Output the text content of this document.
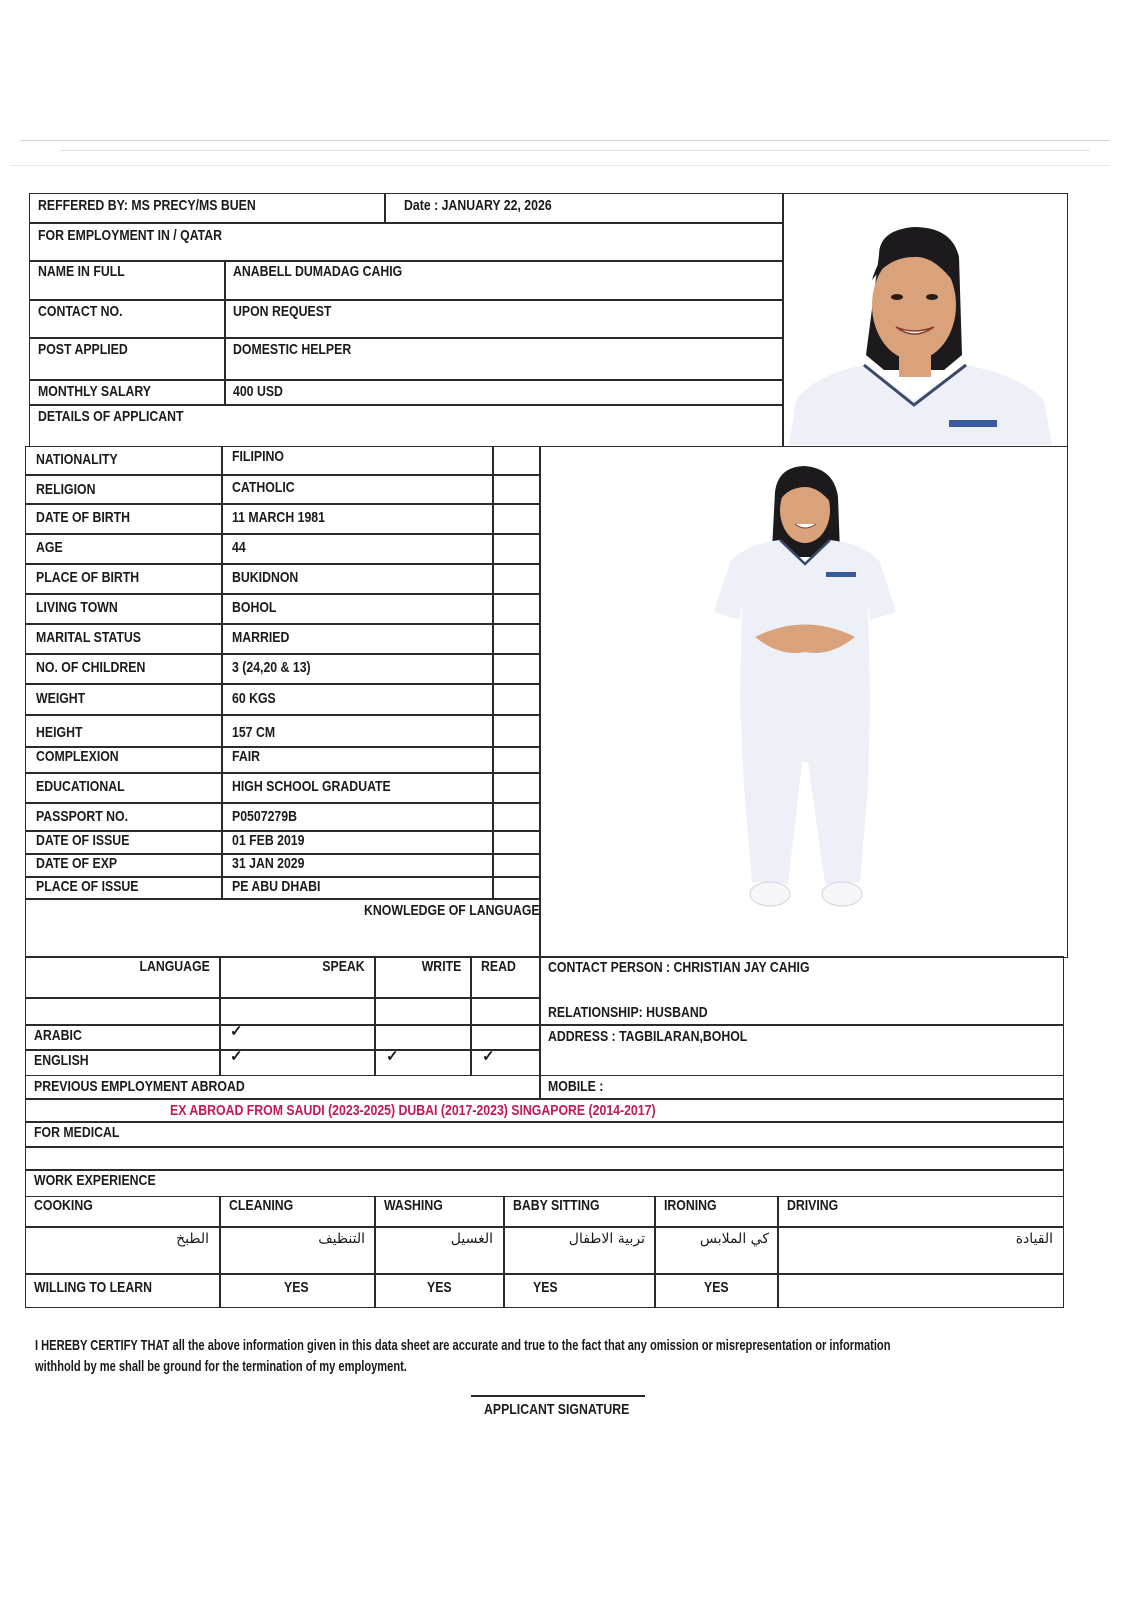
REFFERED BY: MS PRECY/MS BUEN	Date : JANUARY 22, 2026
FOR EMPLOYMENT IN / QATAR
NAME IN FULL	ANABELL DUMADAG CAHIG
CONTACT NO.	UPON REQUEST
POST APPLIED	DOMESTIC HELPER
MONTHLY SALARY	400 USD
DETAILS OF APPLICANT
NATIONALITY	FILIPINO
RELIGION	CATHOLIC
DATE OF BIRTH	11 MARCH 1981
AGE	44
PLACE OF BIRTH	BUKIDNON
LIVING TOWN	BOHOL
MARITAL STATUS	MARRIED
NO. OF CHILDREN	3 (24,20 & 13)
WEIGHT	60 KGS
HEIGHT	157 CM
COMPLEXION	FAIR
EDUCATIONAL	HIGH SCHOOL GRADUATE
PASSPORT NO.	P0507279B
DATE OF ISSUE	01 FEB 2019
DATE OF EXP	31 JAN 2029
PLACE OF ISSUE	PE ABU DHABI
KNOWLEDGE OF LANGUAGE
LANGUAGE	SPEAK	WRITE READ
ARABIC	✓
ENGLISH	✓	✓	✓
CONTACT PERSON : CHRISTIAN JAY CAHIG
RELATIONSHIP: HUSBAND
ADDRESS : TAGBILARAN,BOHOL
MOBILE :
PREVIOUS EMPLOYMENT ABROAD
EX ABROAD FROM SAUDI (2023-2025) DUBAI (2017-2023) SINGAPORE (2014-2017)
FOR MEDICAL
WORK EXPERIENCE
COOKING	CLEANING	WASHING	BABY SITTING	IRONING	DRIVING
الطبخ	التنظيف	الغسيل	تربية الاطفال	كي الملابس	القيادة
WILLING TO LEARN	YES	YES	YES	YES
I HEREBY CERTIFY THAT all the above information given in this data sheet are accurate and true to the fact that any omission or misrepresentation or information
withhold by me shall be ground for the termination of my employment.
APPLICANT SIGNATURE
